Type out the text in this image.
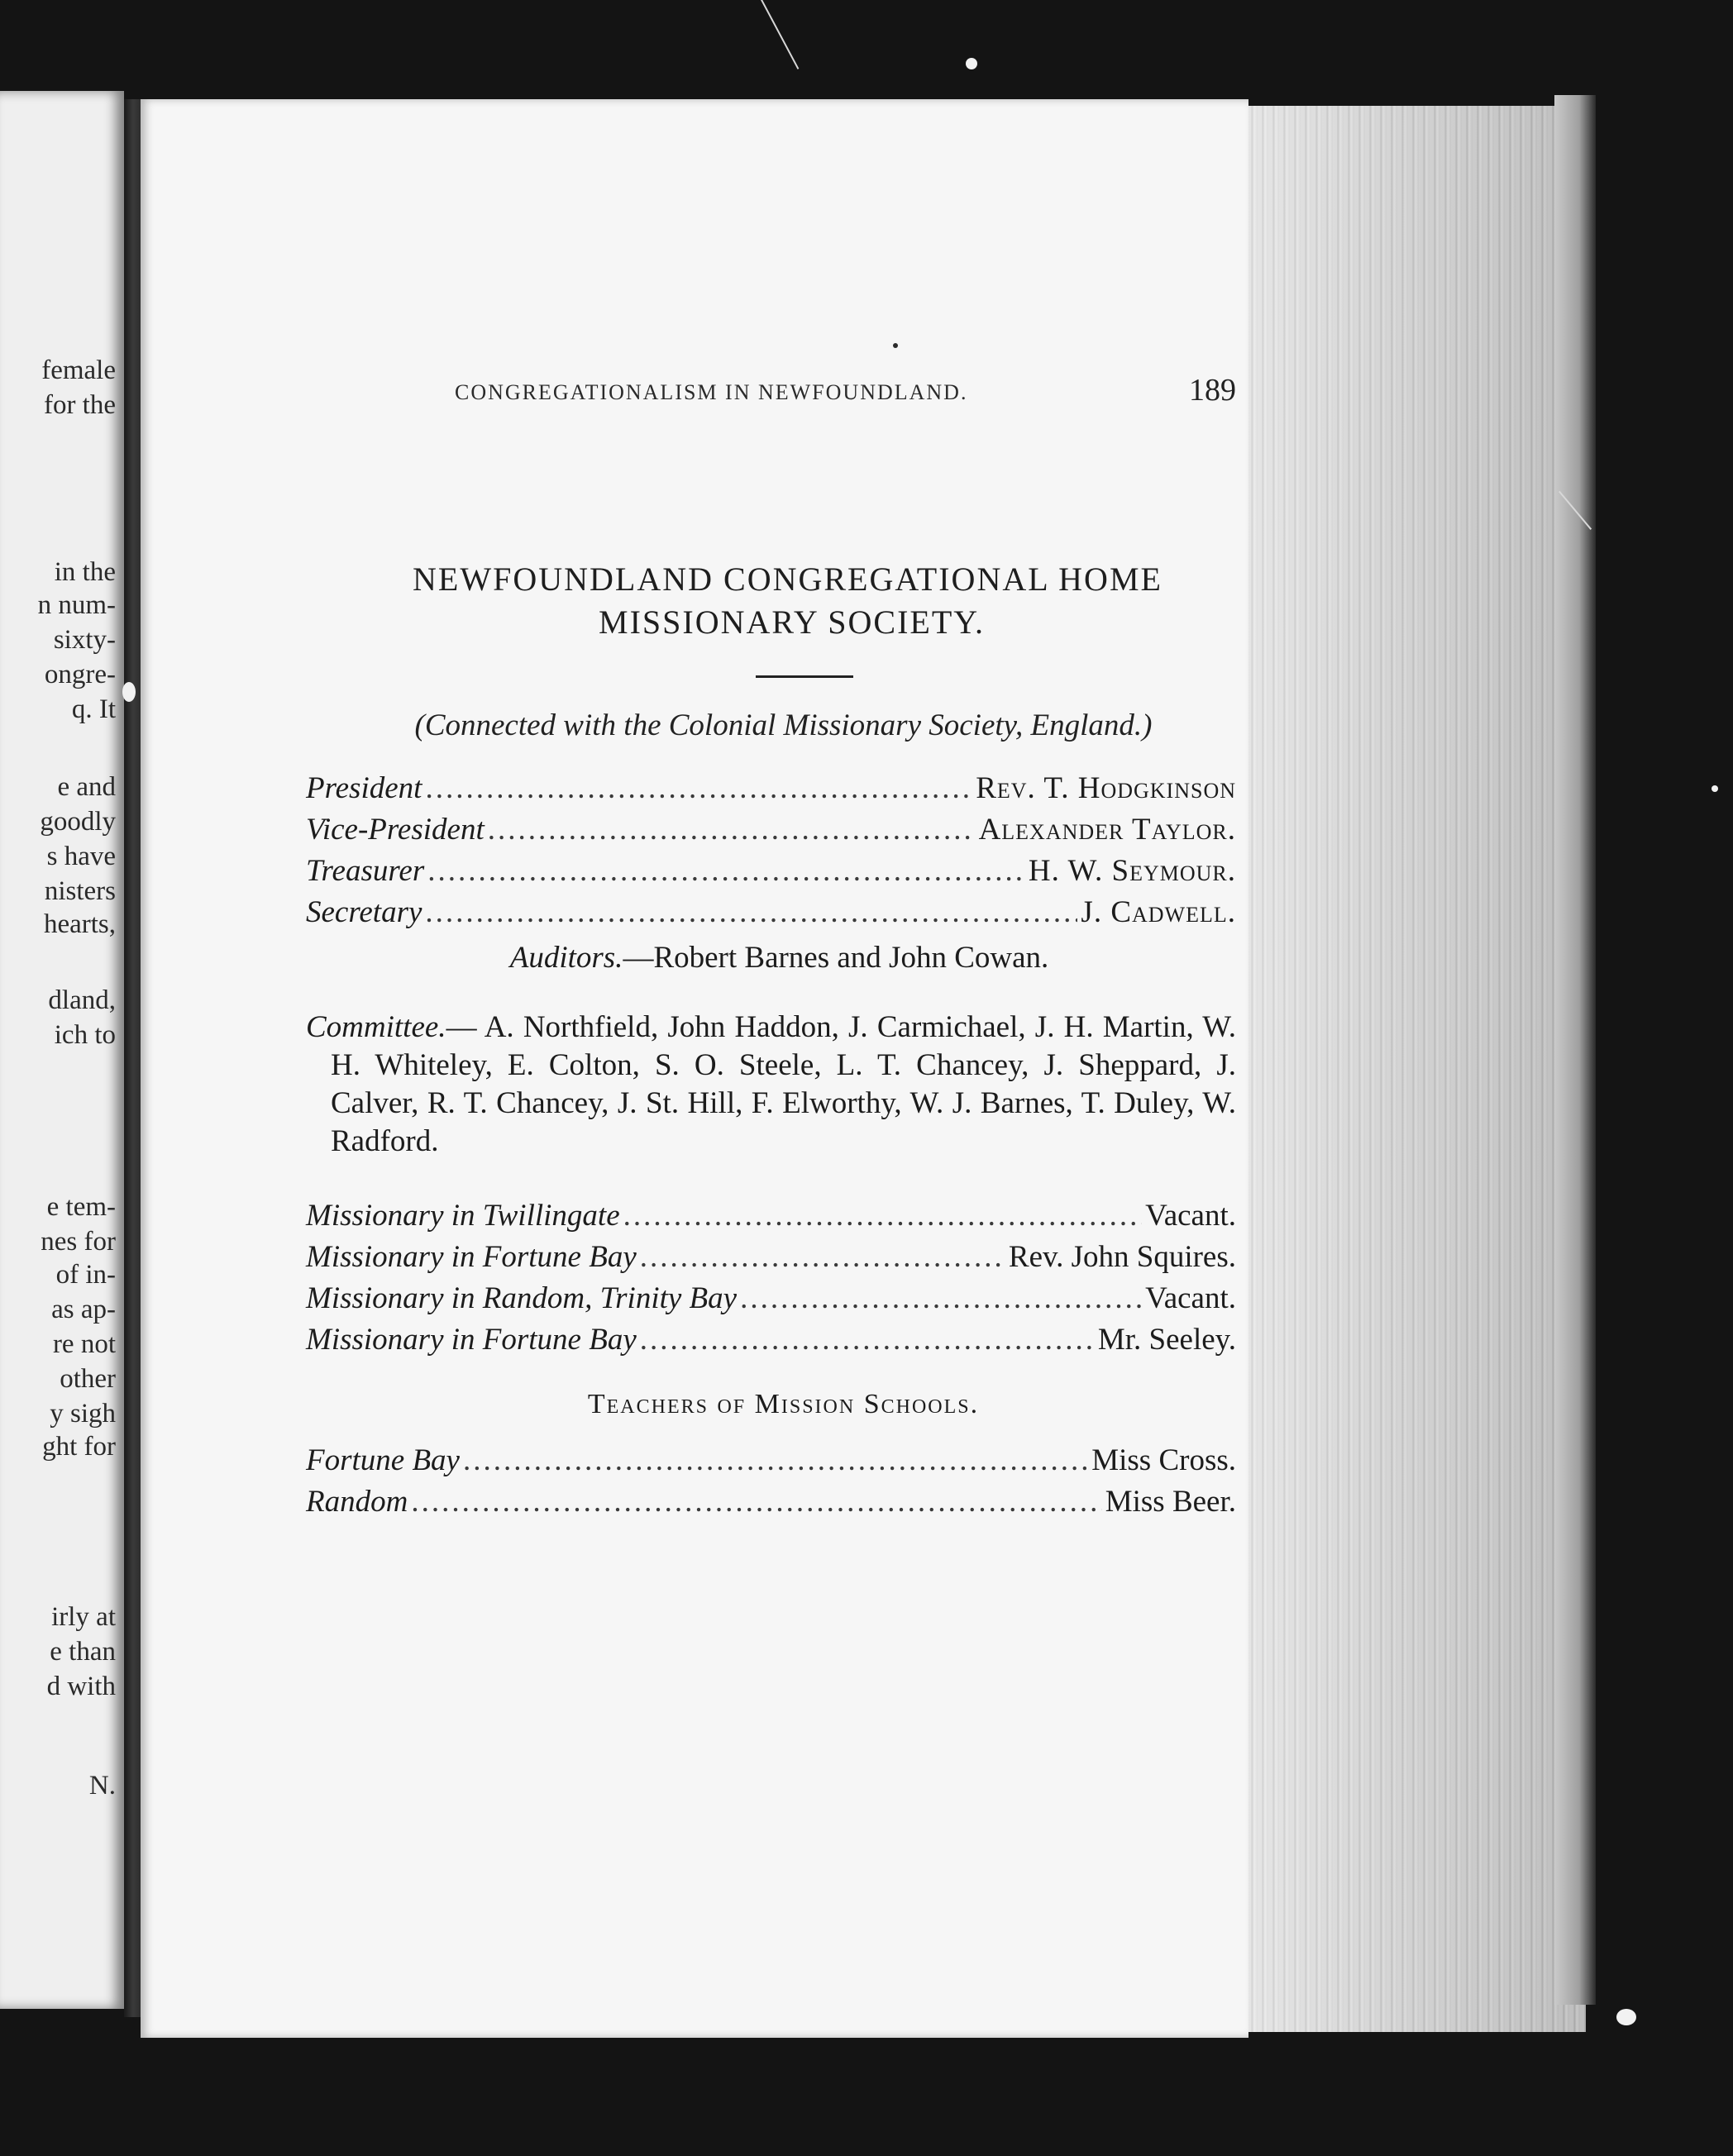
female
for the
in the
n num-
sixty-
ongre-
q. It
e and
goodly
s have
nisters
hearts,
dland,
ich to
e tem-
nes for
of in-
as ap-
re not
other
y sigh
ght for
irly at
e than
d with
N.
CONGREGATIONALISM IN NEWFOUNDLAND.	189
NEWFOUNDLAND CONGREGATIONAL HOME
MISSIONARY SOCIETY.
(Connected with the Colonial Missionary Society, England.)
President .....	Rev. T. Hodgkinson
Vice-President .....	Alexander Taylor.
Treasurer .....	H. W. Seymour.
Secretary .....	J. Cadwell.
Auditors.—Robert Barnes and John Cowan.
Committee.— A. Northfield, John Haddon, J. Carmichael, J. H. Martin, W. H. Whiteley, E. Colton, S. O. Steele, L. T. Chancey, J. Sheppard, J. Calver, R. T. Chancey, J. St. Hill, F. Elworthy, W. J. Barnes, T. Duley, W. Radford.
Missionary in Twillingate .....	Vacant.
Missionary in Fortune Bay .....	Rev. John Squires.
Missionary in Random, Trinity Bay .....	Vacant.
Missionary in Fortune Bay .....	Mr. Seeley.
Teachers of Mission Schools.
Fortune Bay .....	Miss Cross.
Random .....	Miss Beer.
